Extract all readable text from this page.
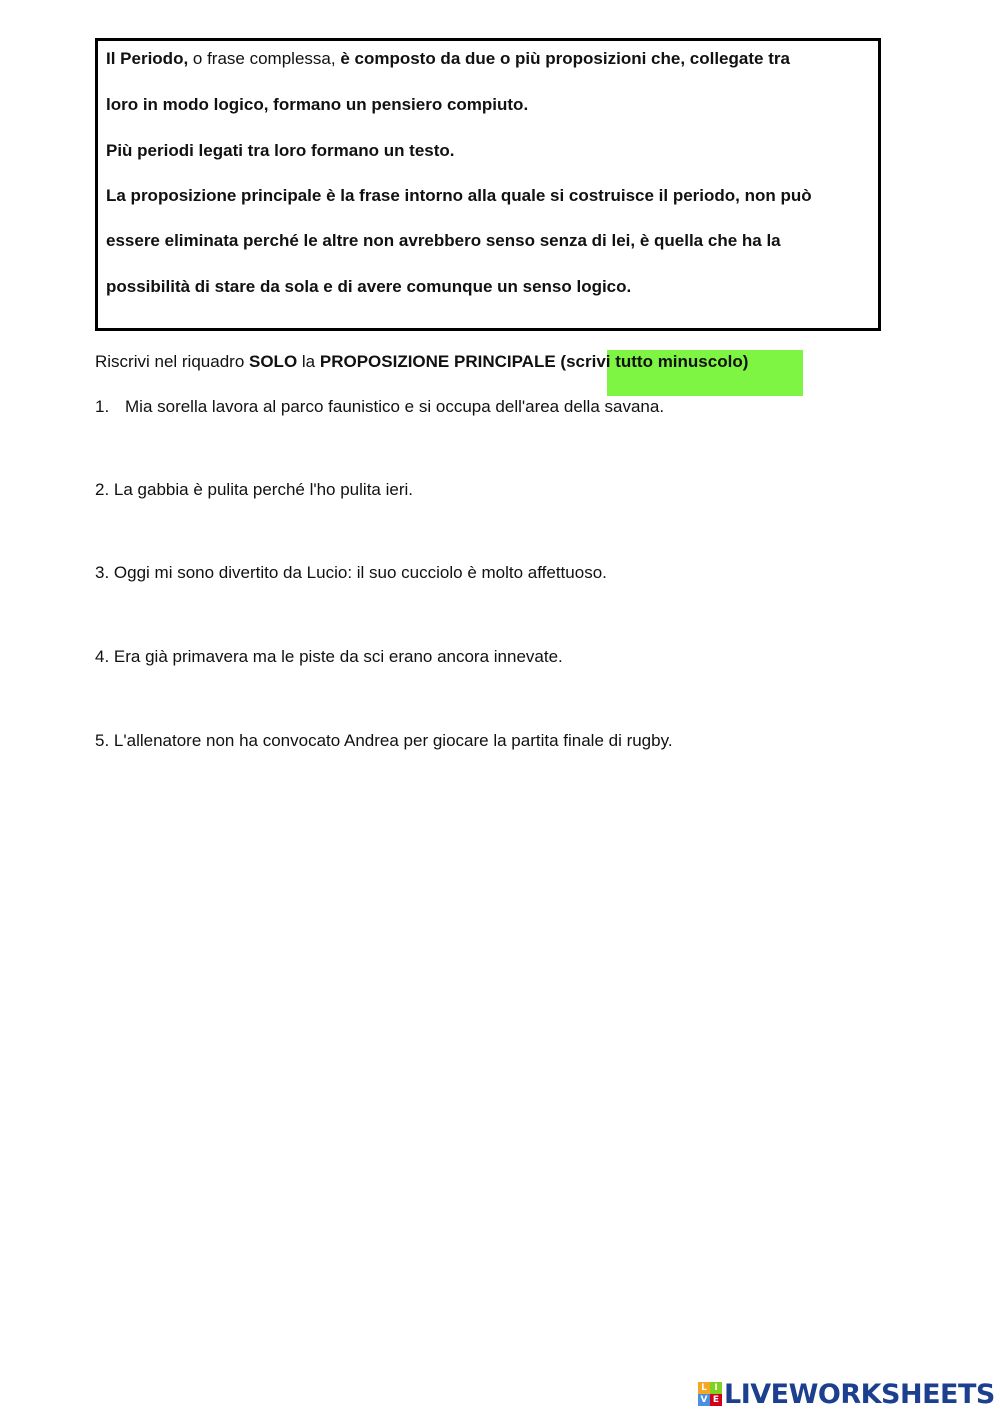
Il Periodo, o frase complessa, è composto da due o più proposizioni che, collegate tra
loro in modo logico, formano un pensiero compiuto.
Più periodi legati tra loro formano un testo.
La proposizione principale è la frase intorno alla quale si costruisce il periodo, non può
essere eliminata perché le altre non avrebbero senso senza di lei, è quella che ha la
possibilità di stare da sola e di avere comunque un senso logico.
Riscrivi nel riquadro SOLO la PROPOSIZIONE PRINCIPALE (scrivi tutto minuscolo)
1. Mia sorella lavora al parco faunistico e si occupa dell'area della savana.
2. La gabbia è pulita perché l'ho pulita ieri.
3. Oggi mi sono divertito da Lucio: il suo cucciolo è molto affettuoso.
4. Era già primavera ma le piste da sci erano ancora innevate.
5. L'allenatore non ha convocato Andrea per giocare la partita finale di rugby.
L I
V E LIVEWORKSHEETS
